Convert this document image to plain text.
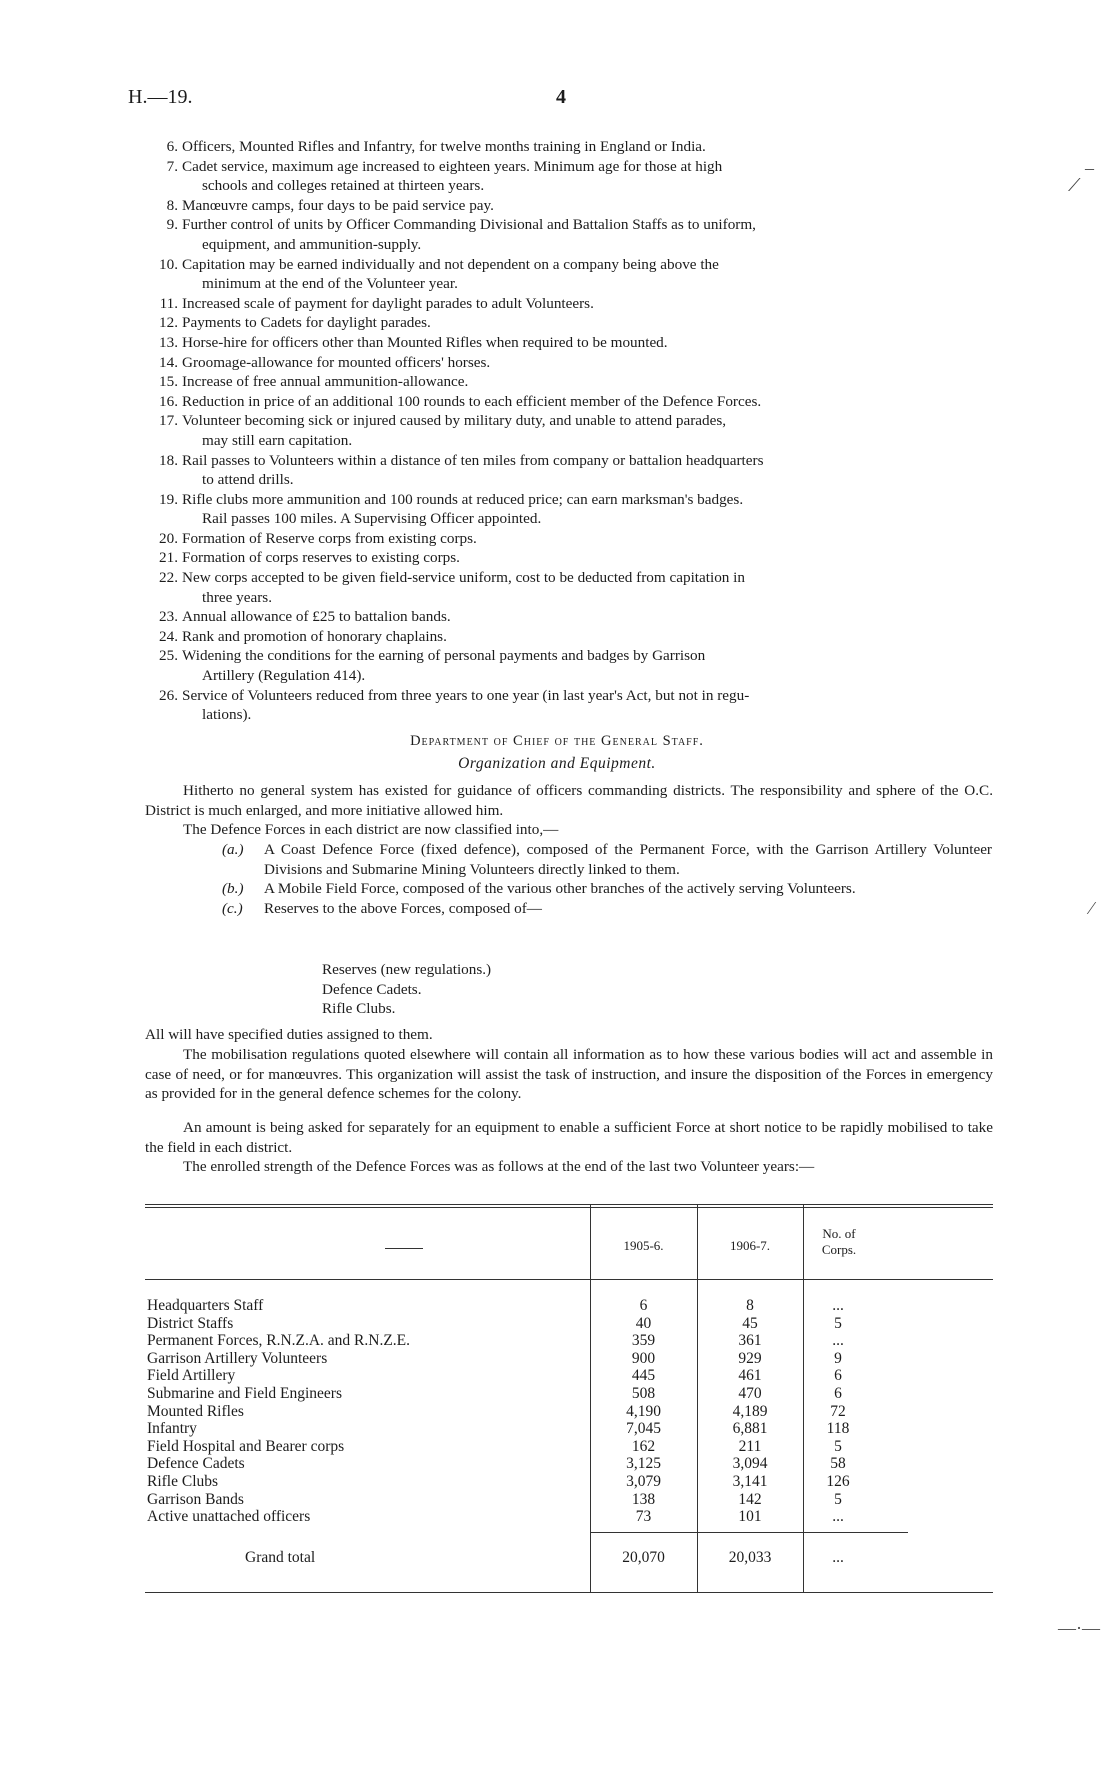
H.—19.	4
6 . Officers, Mounted Rifles and Infantry, for twelve months training in England or India.
7 . Cadet service, maximum age increased to eighteen years. Minimum age for those at high
schools and colleges retained at thirteen years.
8 . Manœuvre camps, four days to be paid service pay.
9 . Further control of units by Officer Commanding Divisional and Battalion Staffs as to uniform,
equipment, and ammunition-supply.
10 . Capitation may be earned individually and not dependent on a company being above the
minimum at the end of the Volunteer year.
11 . Increased scale of payment for daylight parades to adult Volunteers.
12 . Payments to Cadets for daylight parades.
13 . Horse-hire for officers other than Mounted Rifles when required to be mounted.
14 . Groomage-allowance for mounted officers' horses.
15 . Increase of free annual ammunition-allowance.
16 . Reduction in price of an additional 100 rounds to each efficient member of the Defence Forces.
17 . Volunteer becoming sick or injured caused by military duty, and unable to attend parades,
may still earn capitation.
18 . Rail passes to Volunteers within a distance of ten miles from company or battalion headquarters
to attend drills.
19 . Rifle clubs more ammunition and 100 rounds at reduced price; can earn marksman's badges.
Rail passes 100 miles. A Supervising Officer appointed.
20 . Formation of Reserve corps from existing corps.
21 . Formation of corps reserves to existing corps.
22 . New corps accepted to be given field-service uniform, cost to be deducted from capitation in
three years.
23 . Annual allowance of £25 to battalion bands.
24 . Rank and promotion of honorary chaplains.
25 . Widening the conditions for the earning of personal payments and badges by Garrison
Artillery (Regulation 414).
26 . Service of Volunteers reduced from three years to one year (in last year's Act, but not in regu-
lations).
Department of Chief of the General Staff.
Organization and Equipment.
Hitherto no general system has existed for guidance of officers commanding districts. The responsibility and sphere of the O.C. District is much enlarged, and more initiative allowed him.
The Defence Forces in each district are now classified into,—
(a.) A Coast Defence Force (fixed defence), composed of the Permanent Force, with the Garrison Artillery Volunteer Divisions and Submarine Mining Volunteers directly linked to them.
(b.) A Mobile Field Force, composed of the various other branches of the actively serving Volunteers.
(c.) Reserves to the above Forces, composed of—
Reserves (new regulations.)
Defence Cadets.
Rifle Clubs.
All will have specified duties assigned to them.
The mobilisation regulations quoted elsewhere will contain all information as to how these various bodies will act and assemble in case of need, or for manœuvres. This organization will assist the task of instruction, and insure the disposition of the Forces in emergency as provided for in the general defence schemes for the colony.
An amount is being asked for separately for an equipment to enable a sufficient Force at short notice to be rapidly mobilised to take the field in each district.
The enrolled strength of the Defence Forces was as follows at the end of the last two Volunteer years:—
1905-6.	1906-7.
No. of Corps.
Headquarters Staff	6	8	...
District Staffs	40	45	5
Permanent Forces, R.N.Z.A. and R.N.Z.E.	359	361	...
Garrison Artillery Volunteers	900	929	9
Field Artillery	445	461	6
Submarine and Field Engineers	508	470	6
Mounted Rifles	4,190	4,189	72
Infantry	7,045	6,881	118
Field Hospital and Bearer corps	162	211	5
Defence Cadets	3,125	3,094	58
Rifle Clubs	3,079	3,141	126
Garrison Bands	138	142	5
Active unattached officers	73	101	...
Grand total	20,070	20,033	...
–
⟋
⁄
—·—
